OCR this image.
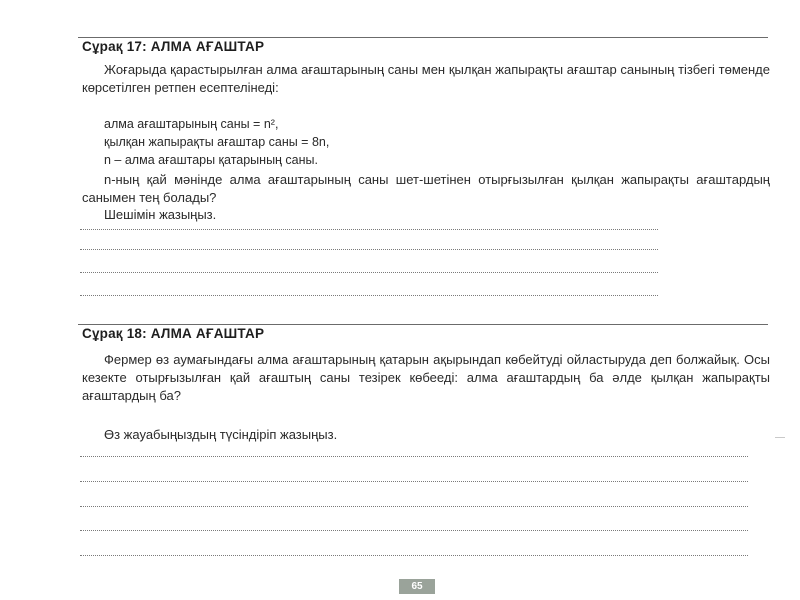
Сұрақ 17: АЛМА АҒАШТАР
Жоғарыда қарастырылған алма ағаштарының саны мен қылқан жапырақты ағаштар санының тізбегі төменде көрсетілген ретпен есептелінеді:
алма ағаштарының саны = n²,
қылқан жапырақты ағаштар саны = 8n,
n – алма ағаштары қатарының саны.
n-ның қай мәнінде алма ағаштарының саны шет-шетінен отырғызылған қылқан жапырақты ағаштардың санымен тең болады?
Шешімін жазыңыз.
Сұрақ 18: АЛМА АҒАШТАР
Фермер өз аумағындағы алма ағаштарының қатарын ақырындап көбейтуді ойластыруда деп болжайық. Осы кезекте отырғызылған қай ағаштың саны тезірек көбееді: алма ағаштардың ба әлде қылқан жапырақты ағаштардың ба?
Өз жауабыңыздың түсіндіріп жазыңыз.
65
